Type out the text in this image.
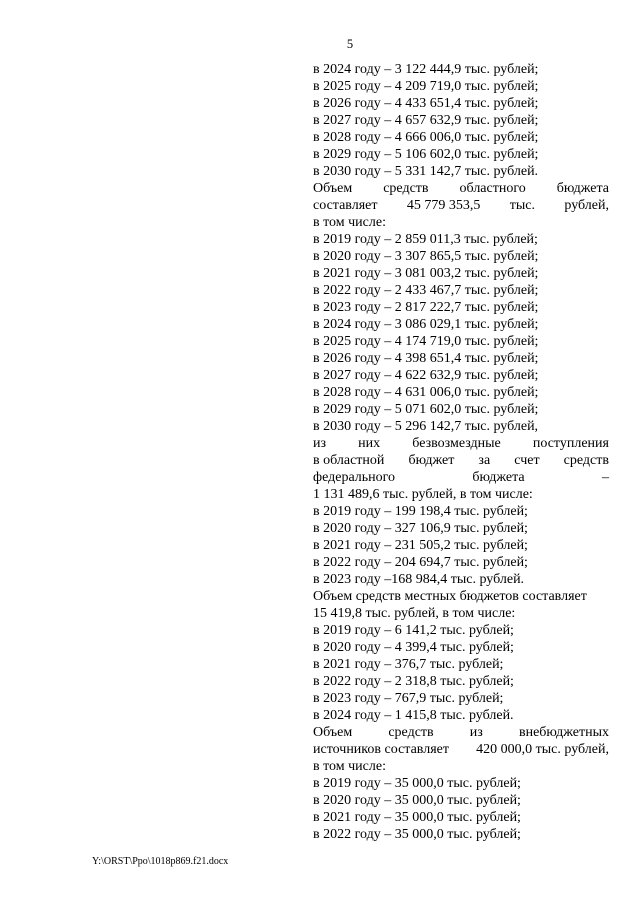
5
в 2024 году – 3 122 444,9 тыс. рублей;
в 2025 году – 4 209 719,0 тыс. рублей;
в 2026 году – 4 433 651,4 тыс. рублей;
в 2027 году – 4 657 632,9 тыс. рублей;
в 2028 году – 4 666 006,0 тыс. рублей;
в 2029 году – 5 106 602,0 тыс. рублей;
в 2030 году – 5 331 142,7 тыс. рублей.
Объем средств областного бюджета
составляет 45 779 353,5 тыс. рублей,
в том числе:
в 2019 году – 2 859 011,3 тыс. рублей;
в 2020 году – 3 307 865,5 тыс. рублей;
в 2021 году – 3 081 003,2 тыс. рублей;
в 2022 году – 2 433 467,7 тыс. рублей;
в 2023 году – 2 817 222,7 тыс. рублей;
в 2024 году – 3 086 029,1 тыс. рублей;
в 2025 году – 4 174 719,0 тыс. рублей;
в 2026 году – 4 398 651,4 тыс. рублей;
в 2027 году – 4 622 632,9 тыс. рублей;
в 2028 году – 4 631 006,0 тыс. рублей;
в 2029 году – 5 071 602,0 тыс. рублей;
в 2030 году – 5 296 142,7 тыс. рублей,
из них безвозмездные поступления
в областной бюджет за счет средств
федерального	бюджета	–
1 131 489,6 тыс. рублей, в том числе:
в 2019 году – 199 198,4 тыс. рублей;
в 2020 году – 327 106,9 тыс. рублей;
в 2021 году – 231 505,2 тыс. рублей;
в 2022 году – 204 694,7 тыс. рублей;
в 2023 году –168 984,4 тыс. рублей.
Объем средств местных бюджетов составляет
15 419,8 тыс. рублей, в том числе:
в 2019 году – 6 141,2 тыс. рублей;
в 2020 году – 4 399,4 тыс. рублей;
в 2021 году – 376,7 тыс. рублей;
в 2022 году – 2 318,8 тыс. рублей;
в 2023 году – 767,9 тыс. рублей;
в 2024 году – 1 415,8 тыс. рублей.
Объем	средств	из	внебюджетных
источников составляет 420 000,0 тыс. рублей,
в том числе:
в 2019 году – 35 000,0 тыс. рублей;
в 2020 году – 35 000,0 тыс. рублей;
в 2021 году – 35 000,0 тыс. рублей;
в 2022 году – 35 000,0 тыс. рублей;
Y:\ORST\Ppo\1018p869.f21.docx
